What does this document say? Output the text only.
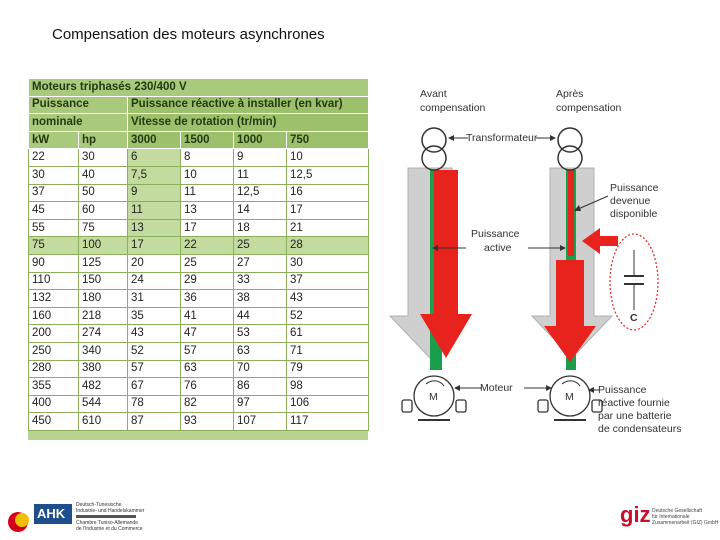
Compensation des moteurs asynchrones
Moteurs triphasés 230/400 V					
Puissance		Puissance réactive à installer (en kvar)			
nominale		Vitesse de rotation (tr/min)			
kW	hp	3000	1500	1000	750
22	30	6	8	9	10
30	40	7,5	10	11	12,5
37	50	9	11	12,5	16
45	60	11	13	14	17
55	75	13	17	18	21
75	100	17	22	25	28
90	125	20	25	27	30
110	150	24	29	33	37
132	180	31	36	38	43
160	218	35	41	44	52
200	274	43	47	53	61
250	340	52	57	63	71
280	380	57	63	70	79
355	482	67	76	86	98
400	544	78	82	97	106
450	610	87	93	107	117
Avant
compensation
Après
compensation
Transformateur
Puissance
devenue
disponible
Puissance
active
C
Moteur
M	M
Puissance
réactive fournie
par une batterie
de condensateurs
AHK
Deutsch-Tunesische
Industrie- und Handelskammer
Chambre Tuniso-Allemande
de l'Industrie et du Commerce
giz Deutsche Gesellschaft
für Internationale
Zusammenarbeit (GIZ) GmbH
